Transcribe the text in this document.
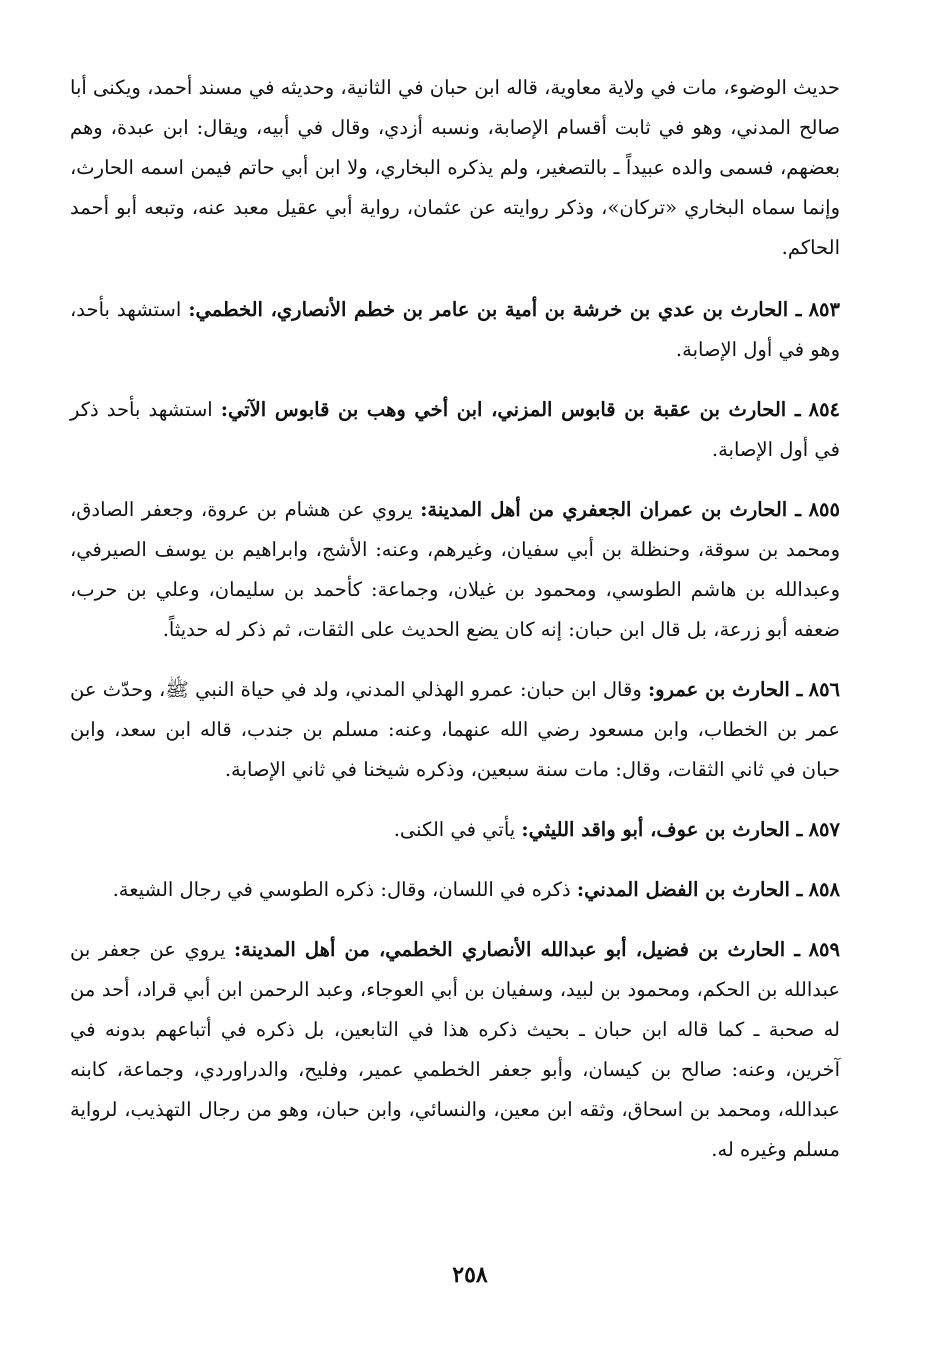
حديث الوضوء، مات في ولاية معاوية، قاله ابن حبان في الثانية، وحديثه في مسند أحمد، ويكنى أبا صالح المدني، وهو في ثابت أقسام الإصابة، ونسبه أزدي، وقال في أبيه، ويقال: ابن عبدة، وهم بعضهم، فسمى والده عبيداً ـ بالتصغير، ولم يذكره البخاري، ولا ابن أبي حاتم فيمن اسمه الحارث، وإنما سماه البخاري «تركان»، وذكر روايته عن عثمان، رواية أبي عقيل معبد عنه، وتبعه أبو أحمد الحاكم.

٨٥٣ ـ الحارث بن عدي بن خرشة بن أمية بن عامر بن خطم الأنصاري، الخطمي: استشهد بأحد، وهو في أول الإصابة.

٨٥٤ ـ الحارث بن عقبة بن قابوس المزني، ابن أخي وهب بن قابوس الآتي: استشهد بأحد ذكر في أول الإصابة.

٨٥٥ ـ الحارث بن عمران الجعفري من أهل المدينة: يروي عن هشام بن عروة، وجعفر الصادق، ومحمد بن سوقة، وحنظلة بن أبي سفيان، وغيرهم، وعنه: الأشج، وابراهيم بن يوسف الصيرفي، وعبدالله بن هاشم الطوسي، ومحمود بن غيلان، وجماعة: كأحمد بن سليمان، وعلي بن حرب، ضعفه أبو زرعة، بل قال ابن حبان: إنه كان يضع الحديث على الثقات، ثم ذكر له حديثاً.

٨٥٦ ـ الحارث بن عمرو: وقال ابن حبان: عمرو الهذلي المدني، ولد في حياة النبي ﷺ، وحدّث عن عمر بن الخطاب، وابن مسعود رضي الله عنهما، وعنه: مسلم بن جندب، قاله ابن سعد، وابن حبان في ثاني الثقات، وقال: مات سنة سبعين، وذكره شيخنا في ثاني الإصابة.

٨٥٧ ـ الحارث بن عوف، أبو واقد الليثي: يأتي في الكنى.

٨٥٨ ـ الحارث بن الفضل المدني: ذكره في اللسان، وقال: ذكره الطوسي في رجال الشيعة.

٨٥٩ ـ الحارث بن فضيل، أبو عبدالله الأنصاري الخطمي، من أهل المدينة: يروي عن جعفر بن عبدالله بن الحكم، ومحمود بن لبيد، وسفيان بن أبي العوجاء، وعبد الرحمن ابن أبي قراد، أحد من له صحبة ـ كما قاله ابن حبان ـ بحيث ذكره هذا في التابعين، بل ذكره في أتباعهم بدونه في آخرين، وعنه: صالح بن كيسان، وأبو جعفر الخطمي عمير، وفليح، والدراوردي، وجماعة، كابنه عبدالله، ومحمد بن اسحاق، وثقه ابن معين، والنسائي، وابن حبان، وهو من رجال التهذيب، لرواية مسلم وغيره له.

٢٥٨
